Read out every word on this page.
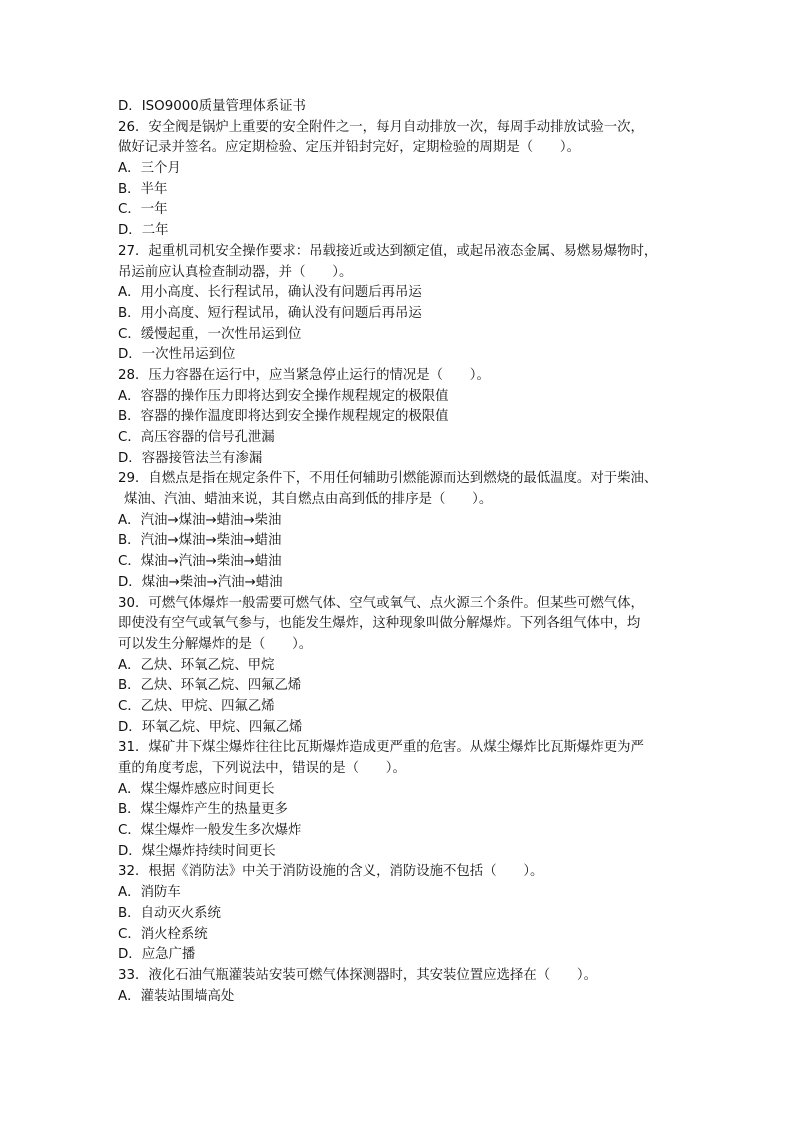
D．ISO9000质量管理体系证书
26．安全阀是锅炉上重要的安全附件之一，每月自动排放一次，每周手动排放试验一次，
做好记录并签名。应定期检验、定压并铅封完好，定期检验的周期是（　　）。
A．三个月
B．半年
C．一年
D．二年
27．起重机司机安全操作要求：吊载接近或达到额定值，或起吊液态金属、易燃易爆物时，
吊运前应认真检查制动器，并（　　）。
A．用小高度、长行程试吊，确认没有问题后再吊运
B．用小高度、短行程试吊，确认没有问题后再吊运
C．缓慢起重，一次性吊运到位
D．一次性吊运到位
28．压力容器在运行中，应当紧急停止运行的情况是（　　）。
A．容器的操作压力即将达到安全操作规程规定的极限值
B．容器的操作温度即将达到安全操作规程规定的极限值
C．高压容器的信号孔泄漏
D．容器接管法兰有渗漏
29．自燃点是指在规定条件下，不用任何辅助引燃能源而达到燃烧的最低温度。对于柴油、
煤油、汽油、蜡油来说，其自燃点由高到低的排序是（　　）。
A．汽油→煤油→蜡油→柴油
B．汽油→煤油→柴油→蜡油
C．煤油→汽油→柴油→蜡油
D．煤油→柴油→汽油→蜡油
30．可燃气体爆炸一般需要可燃气体、空气或氧气、点火源三个条件。但某些可燃气体，
即使没有空气或氧气参与，也能发生爆炸，这种现象叫做分解爆炸。下列各组气体中，均
可以发生分解爆炸的是（　　）。
A．乙炔、环氧乙烷、甲烷
B．乙炔、环氧乙烷、四氟乙烯
C．乙炔、甲烷、四氟乙烯
D．环氧乙烷、甲烷、四氟乙烯
31．煤矿井下煤尘爆炸往往比瓦斯爆炸造成更严重的危害。从煤尘爆炸比瓦斯爆炸更为严
重的角度考虑，下列说法中，错误的是（　　）。
A．煤尘爆炸感应时间更长
B．煤尘爆炸产生的热量更多
C．煤尘爆炸一般发生多次爆炸
D．煤尘爆炸持续时间更长
32．根据《消防法》中关于消防设施的含义，消防设施不包括（　　）。
A．消防车
B．自动灭火系统
C．消火栓系统
D．应急广播
33．液化石油气瓶灌装站安装可燃气体探测器时，其安装位置应选择在（　　）。
A．灌装站围墙高处
